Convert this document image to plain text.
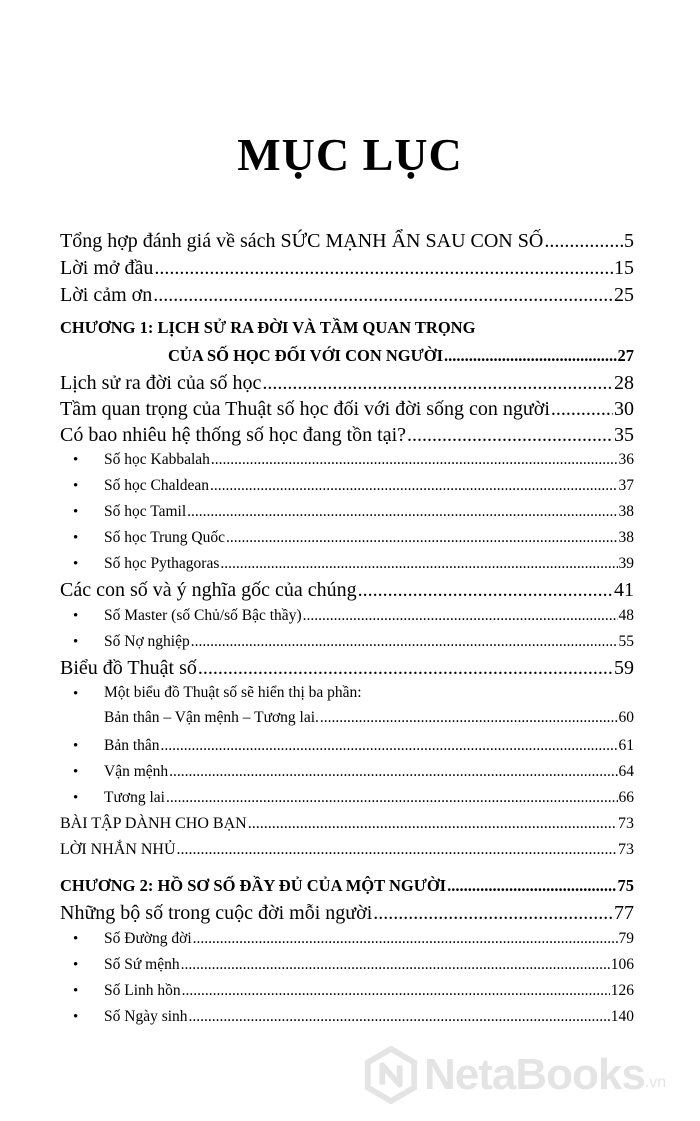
MỤC LỤC
Tổng hợp đánh giá về sách SỨC MẠNH ẨN SAU CON SỐ .....	5
Lời mở đầu .....	15
Lời cảm ơn .....	25
CHƯƠNG 1: LỊCH SỬ RA ĐỜI VÀ TẦM QUAN TRỌNG
CỦA SỐ HỌC ĐỐI VỚI CON NGƯỜI .....	27
Lịch sử ra đời của số học .....	28
Tầm quan trọng của Thuật số học đối với đời sống con người .....	30
Có bao nhiêu hệ thống số học đang tồn tại? .....	35
• Số học Kabbalah .....	36
• Số học Chaldean .....	37
• Số học Tamil .....	38
• Số học Trung Quốc .....	38
• Số học Pythagoras .....	39
Các con số và ý nghĩa gốc của chúng .....	41
• Số Master (số Chủ/số Bậc thầy) .....	48
• Số Nợ nghiệp .....	55
Biểu đồ Thuật số .....	59
• Một biểu đồ Thuật số sẽ hiển thị ba phần:
Bản thân – Vận mệnh – Tương lai. .....	60
• Bản thân .....	61
• Vận mệnh .....	64
• Tương lai .....	66
BÀI TẬP DÀNH CHO BẠN .....	73
LỜI NHẮN NHỦ .....	73
CHƯƠNG 2: HỒ SƠ SỐ ĐẦY ĐỦ CỦA MỘT NGƯỜI .....	75
Những bộ số trong cuộc đời mỗi người .....	77
• Số Đường đời .....	79
• Số Sứ mệnh .....	106
• Số Linh hồn .....	126
• Số Ngày sinh .....	140
NetaBooks .vn
